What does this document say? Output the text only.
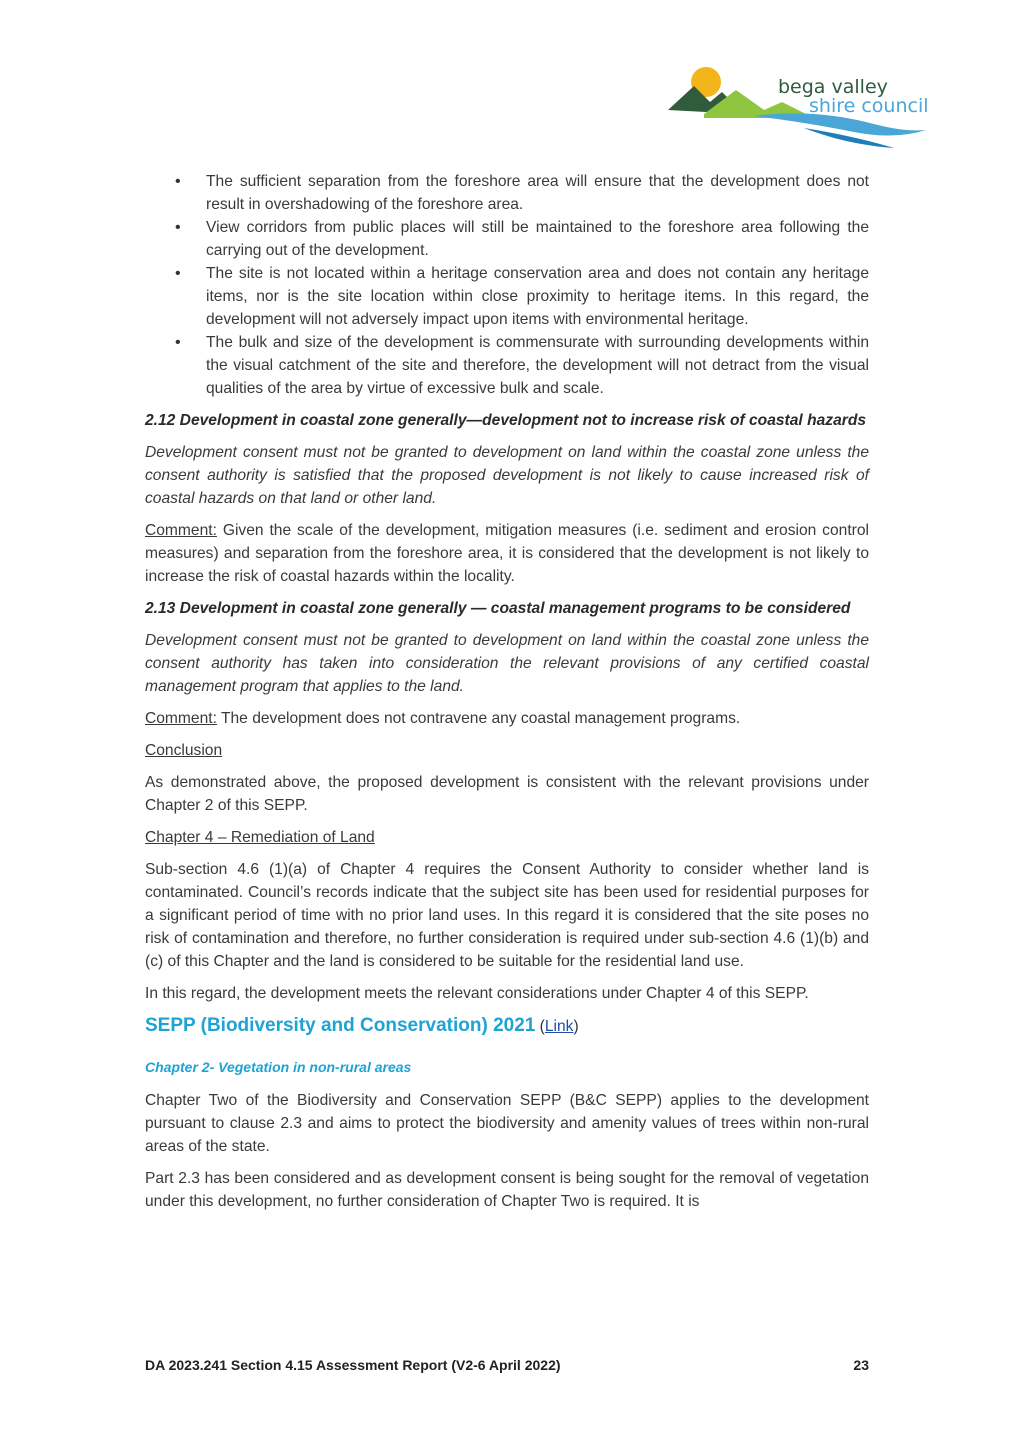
bega valley
shire council
• The sufficient separation from the foreshore area will ensure that the development does not result in overshadowing of the foreshore area.
• View corridors from public places will still be maintained to the foreshore area following the carrying out of the development.
• The site is not located within a heritage conservation area and does not contain any heritage items, nor is the site location within close proximity to heritage items. In this regard, the development will not adversely impact upon items with environmental heritage.
• The bulk and size of the development is commensurate with surrounding developments within the visual catchment of the site and therefore, the development will not detract from the visual qualities of the area by virtue of excessive bulk and scale.

2.12 Development in coastal zone generally—development not to increase risk of coastal hazards

Development consent must not be granted to development on land within the coastal zone unless the consent authority is satisfied that the proposed development is not likely to cause increased risk of coastal hazards on that land or other land.

Comment: Given the scale of the development, mitigation measures (i.e. sediment and erosion control measures) and separation from the foreshore area, it is considered that the development is not likely to increase the risk of coastal hazards within the locality.

2.13 Development in coastal zone generally — coastal management programs to be considered

Development consent must not be granted to development on land within the coastal zone unless the consent authority has taken into consideration the relevant provisions of any certified coastal management program that applies to the land.

Comment: The development does not contravene any coastal management programs.

Conclusion

As demonstrated above, the proposed development is consistent with the relevant provisions under Chapter 2 of this SEPP.

Chapter 4 – Remediation of Land

Sub-section 4.6 (1)(a) of Chapter 4 requires the Consent Authority to consider whether land is contaminated. Council’s records indicate that the subject site has been used for residential purposes for a significant period of time with no prior land uses. In this regard it is considered that the site poses no risk of contamination and therefore, no further consideration is required under sub-section 4.6 (1)(b) and (c) of this Chapter and the land is considered to be suitable for the residential land use.

In this regard, the development meets the relevant considerations under Chapter 4 of this SEPP.

SEPP (Biodiversity and Conservation) 2021 (Link)

Chapter 2- Vegetation in non-rural areas

Chapter Two of the Biodiversity and Conservation SEPP (B&C SEPP) applies to the development pursuant to clause 2.3 and aims to protect the biodiversity and amenity values of trees within non-rural areas of the state.

Part 2.3 has been considered and as development consent is being sought for the removal of vegetation under this development, no further consideration of Chapter Two is required. It is

DA 2023.241 Section 4.15 Assessment Report (V2-6 April 2022)	23
